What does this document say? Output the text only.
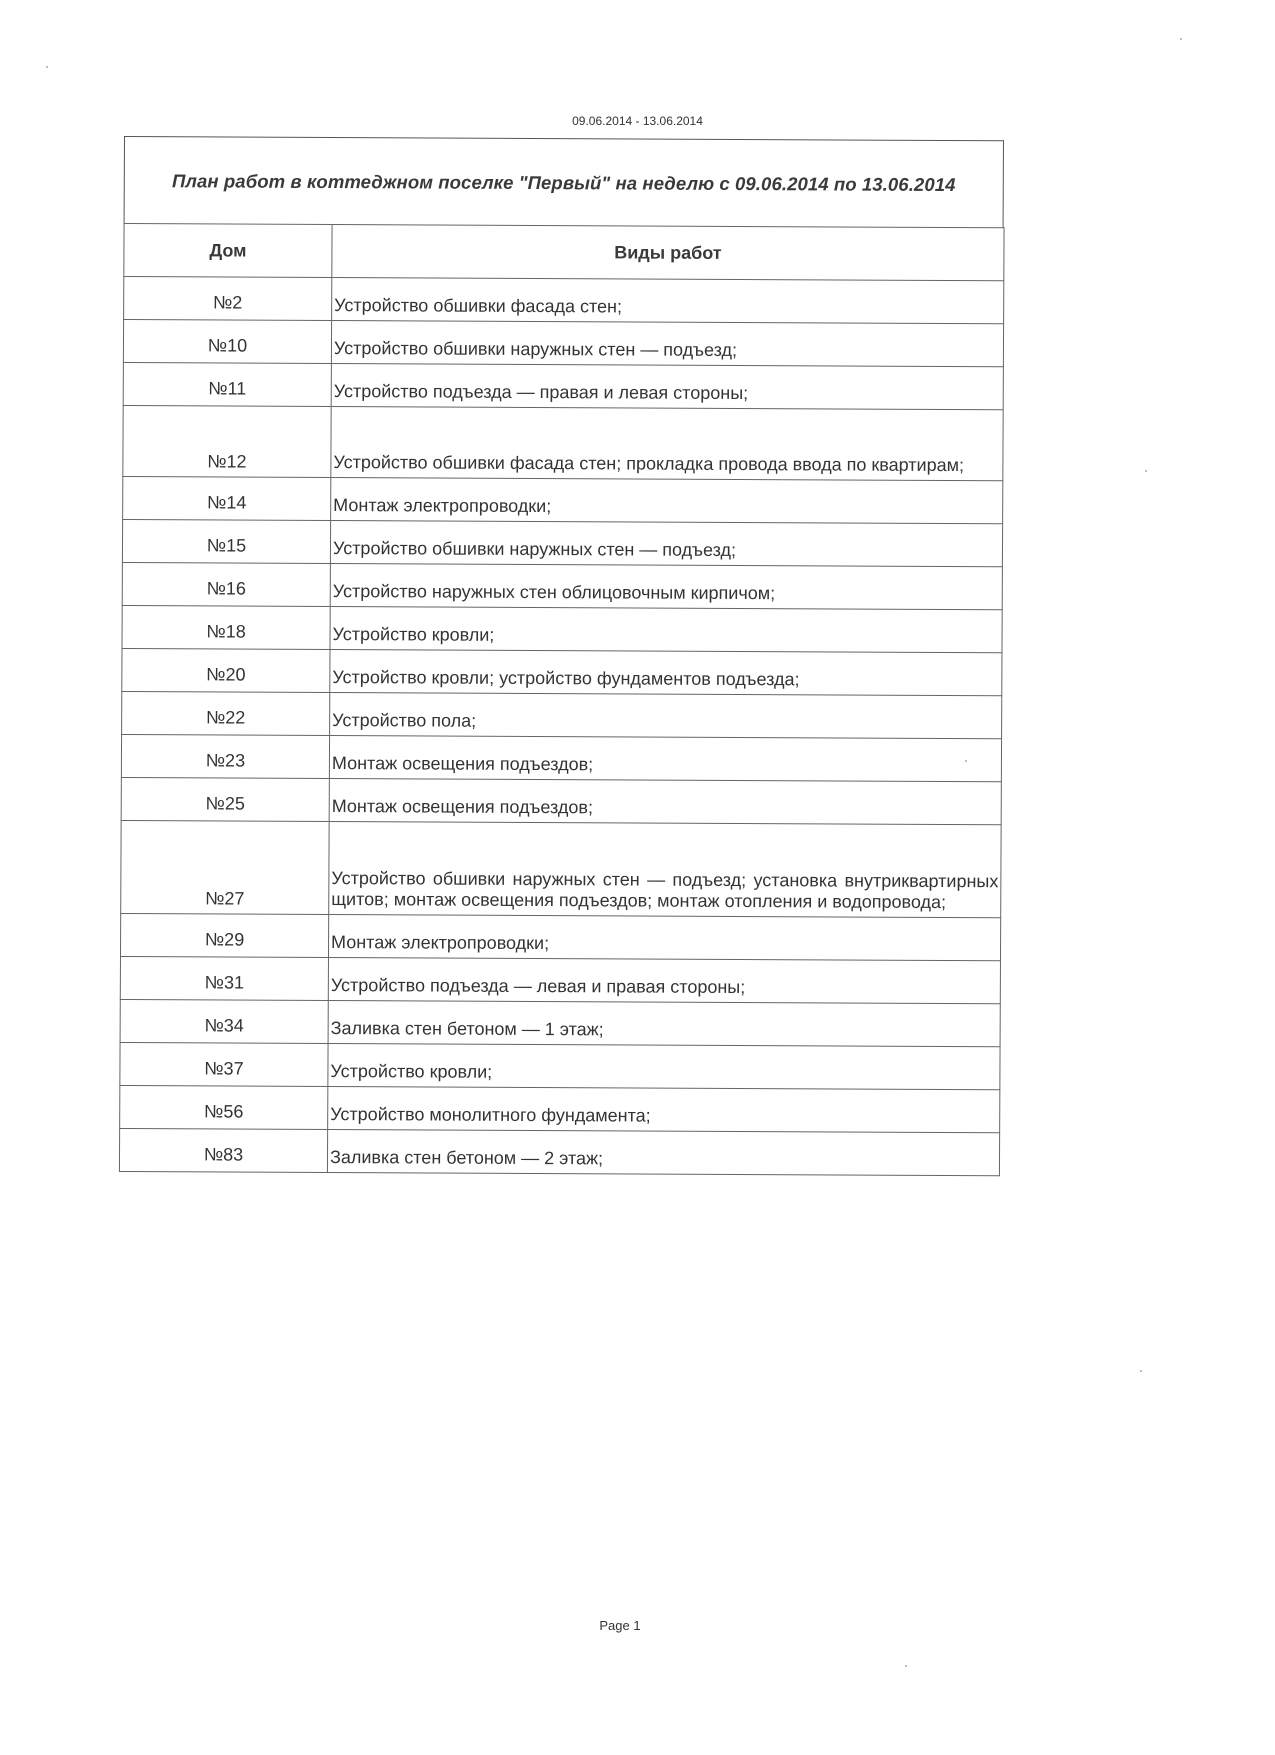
09.06.2014 - 13.06.2014
План работ в коттеджном поселке "Первый" на неделю с 09.06.2014 по 13.06.2014
Дом	Виды работ
№2	Устройство обшивки фасада стен;
№10	Устройство обшивки наружных стен — подъезд;
№11	Устройство подъезда — правая и левая стороны;
№12	Устройство обшивки фасада стен; прокладка провода ввода по квартирам;
№14	Монтаж электропроводки;
№15	Устройство обшивки наружных стен — подъезд;
№16	Устройство наружных стен облицовочным кирпичом;
№18	Устройство кровли;
№20	Устройство кровли; устройство фундаментов подъезда;
№22	Устройство пола;
№23	Монтаж освещения подъездов;
№25	Монтаж освещения подъездов;
№27	Устройство обшивки наружных стен — подъезд; установка внутриквартирных щитов; монтаж освещения подъездов; монтаж отопления и водопровода;
№29	Монтаж электропроводки;
№31	Устройство подъезда — левая и правая стороны;
№34	Заливка стен бетоном — 1 этаж;
№37	Устройство кровли;
№56	Устройство монолитного фундамента;
№83	Заливка стен бетоном — 2 этаж;
Page 1
